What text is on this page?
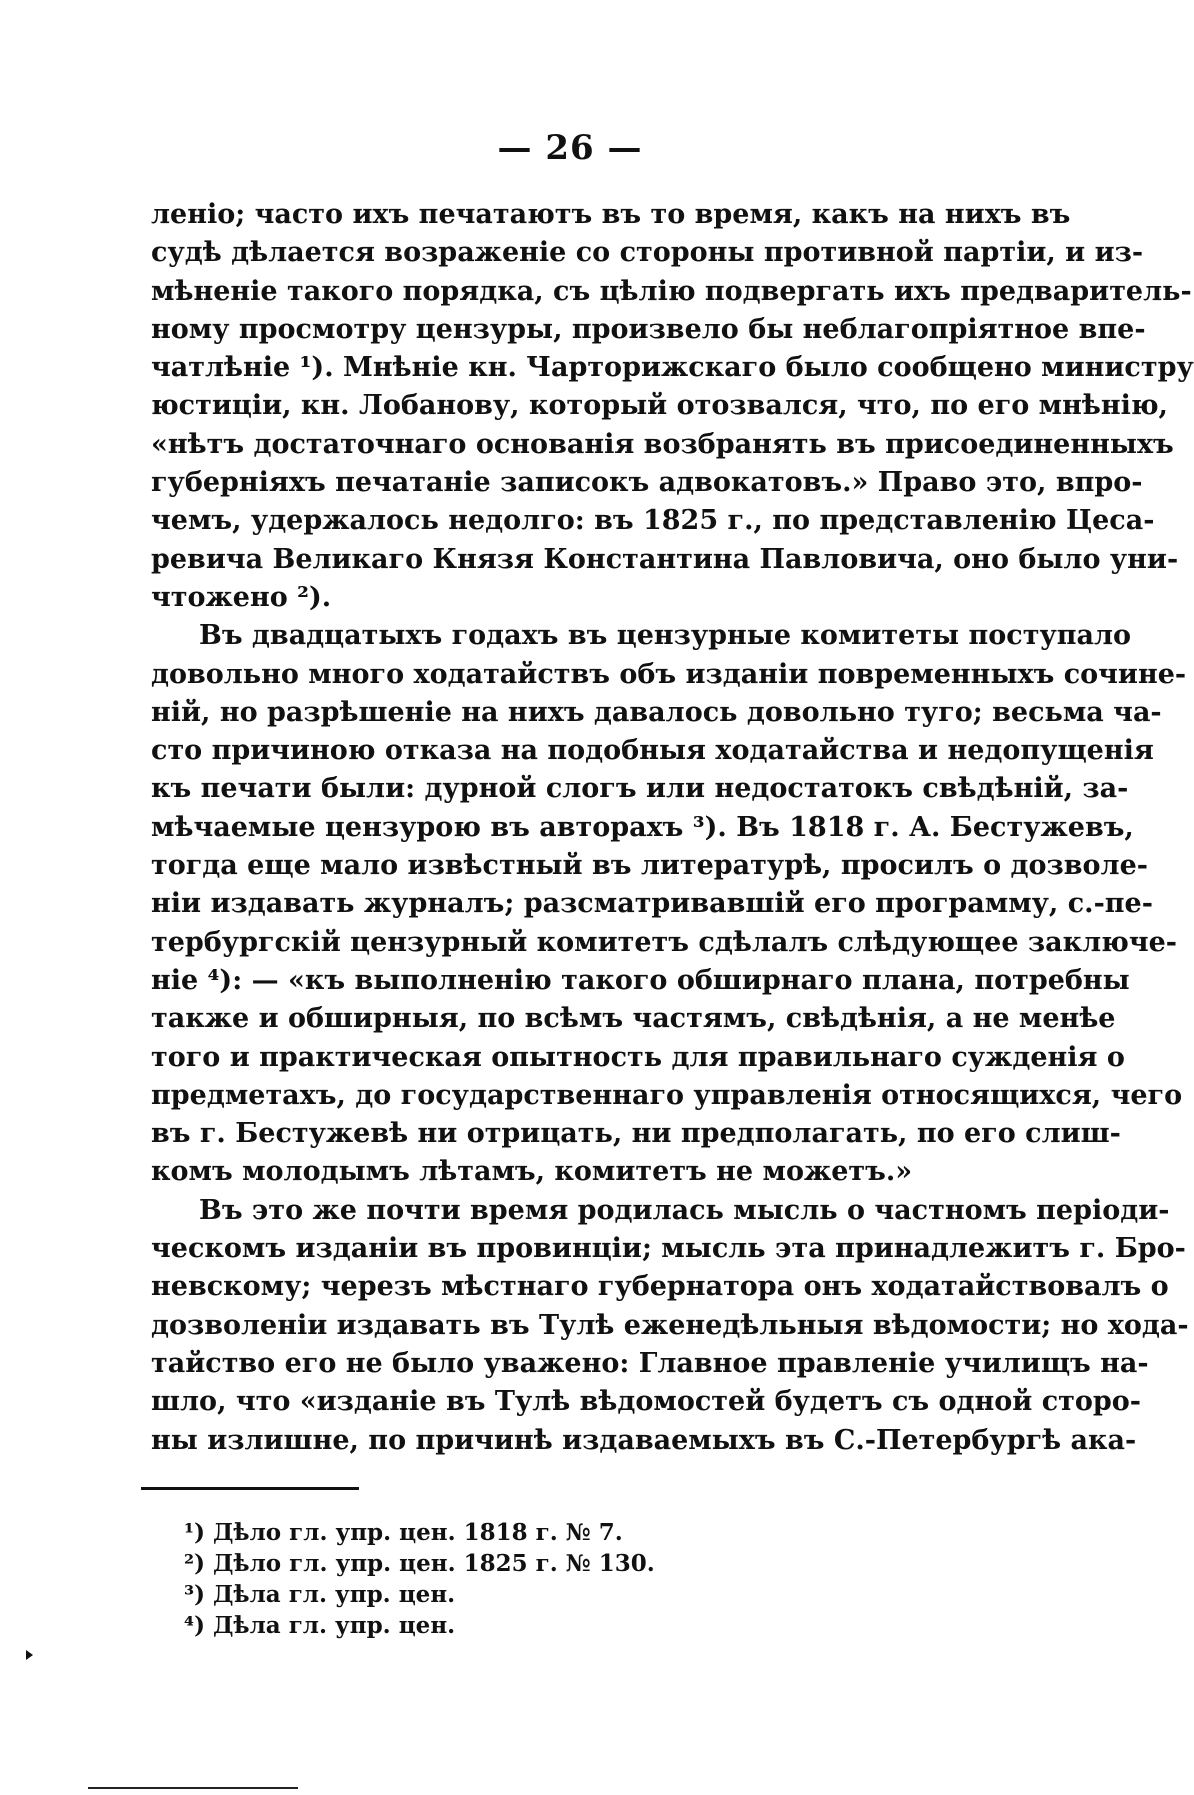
— 26 —
леніо; часто ихъ печатаютъ въ то время, какъ на нихъ въ
судѣ дѣлается возраженіе со стороны противной партіи, и из-
мѣненіе такого порядка, съ цѣлію подвергать ихъ предваритель-
ному просмотру цензуры, произвело бы неблагопріятное впе-
чатлѣніе ¹). Мнѣніе кн. Чарторижскаго было сообщено министру
юстиціи, кн. Лобанову, который отозвался, что, по его мнѣнію,
«нѣтъ достаточнаго основанія возбранять въ присоединенныхъ
губерніяхъ печатаніе записокъ адвокатовъ.» Право это, впро-
чемъ, удержалось недолго: въ 1825 г., по представленію Цеса-
ревича Великаго Князя Константина Павловича, оно было уни-
чтожено ²).
Въ двадцатыхъ годахъ въ цензурные комитеты поступало
довольно много ходатайствъ объ изданіи повременныхъ сочине-
ній, но разрѣшеніе на нихъ давалось довольно туго; весьма ча-
сто причиною отказа на подобныя ходатайства и недопущенія
къ печати были: дурной слогъ или недостатокъ свѣдѣній, за-
мѣчаемые цензурою въ авторахъ ³). Въ 1818 г. А. Бестужевъ,
тогда еще мало извѣстный въ литературѣ, просилъ о дозволе-
ніи издавать журналъ; разсматривавшій его программу, с.-пе-
тербургскій цензурный комитетъ сдѣлалъ слѣдующее заключе-
ніе ⁴): — «къ выполненію такого обширнаго плана, потребны
также и обширныя, по всѣмъ частямъ, свѣдѣнія, а не менѣе
того и практическая опытность для правильнаго сужденія о
предметахъ, до государственнаго управленія относящихся, чего
въ г. Бестужевѣ ни отрицать, ни предполагать, по его слиш-
комъ молодымъ лѣтамъ, комитетъ не можетъ.»
Въ это же почти время родилась мысль о частномъ періоди-
ческомъ изданіи въ провинціи; мысль эта принадлежитъ г. Бро-
невскому; черезъ мѣстнаго губернатора онъ ходатайствовалъ о
дозволеніи издавать въ Тулѣ еженедѣльныя вѣдомости; но хода-
тайство его не было уважено: Главное правленіе училищъ на-
шло, что «изданіе въ Тулѣ вѣдомостей будетъ съ одной сторо-
ны излишне, по причинѣ издаваемыхъ въ С.-Петербургѣ ака-
¹) Дѣло гл. упр. цен. 1818 г. № 7.
²) Дѣло гл. упр. цен. 1825 г. № 130.
³) Дѣла гл. упр. цен.
⁴) Дѣла гл. упр. цен.
